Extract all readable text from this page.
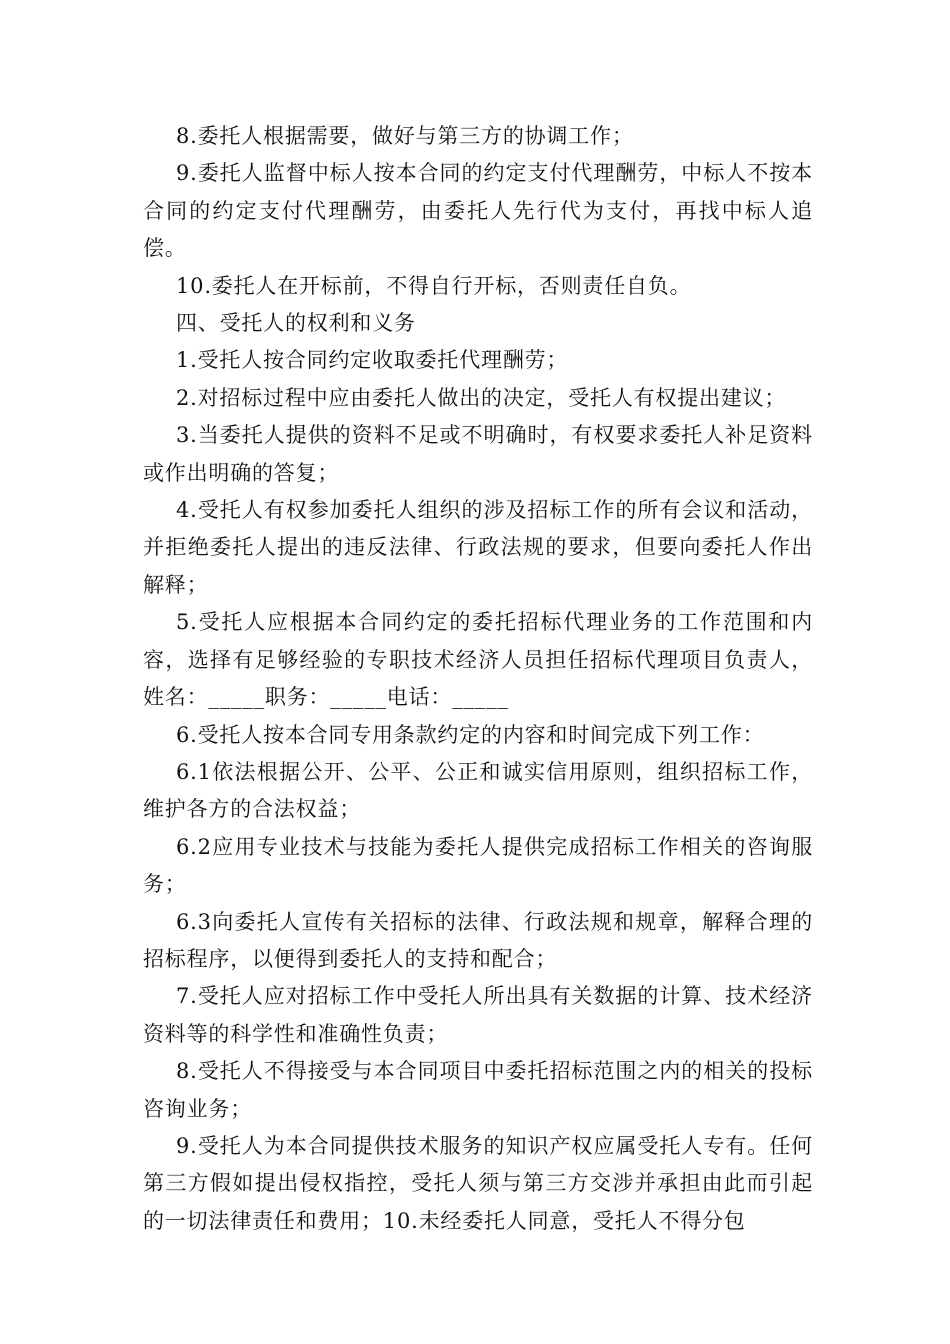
8.委托人根据需要，做好与第三方的协调工作；

9.委托人监督中标人按本合同的约定支付代理酬劳，中标人不按本合同的约定支付代理酬劳，由委托人先行代为支付，再找中标人追偿。

10.委托人在开标前，不得自行开标，否则责任自负。

四、受托人的权利和义务

1.受托人按合同约定收取委托代理酬劳；

2.对招标过程中应由委托人做出的决定，受托人有权提出建议；

3.当委托人提供的资料不足或不明确时，有权要求委托人补足资料或作出明确的答复；

4.受托人有权参加委托人组织的涉及招标工作的所有会议和活动，并拒绝委托人提出的违反法律、行政法规的要求，但要向委托人作出解释；

5.受托人应根据本合同约定的委托招标代理业务的工作范围和内容，选择有足够经验的专职技术经济人员担任招标代理项目负责人，姓名：_____职务：_____电话：_____

6.受托人按本合同专用条款约定的内容和时间完成下列工作：

6.1依法根据公开、公平、公正和诚实信用原则，组织招标工作，维护各方的合法权益；

6.2应用专业技术与技能为委托人提供完成招标工作相关的咨询服务；

6.3向委托人宣传有关招标的法律、行政法规和规章，解释合理的招标程序，以便得到委托人的支持和配合；

7.受托人应对招标工作中受托人所出具有关数据的计算、技术经济资料等的科学性和准确性负责；

8.受托人不得接受与本合同项目中委托招标范围之内的相关的投标咨询业务；

9.受托人为本合同提供技术服务的知识产权应属受托人专有。任何第三方假如提出侵权指控，受托人须与第三方交涉并承担由此而引起的一切法律责任和费用；10.未经委托人同意，受托人不得分包
